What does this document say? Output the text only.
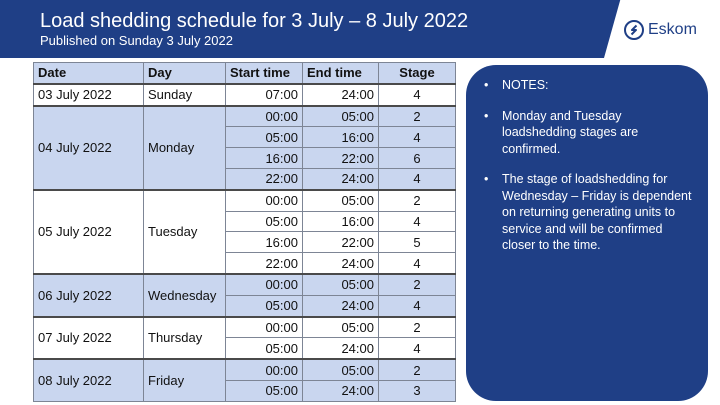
Load shedding schedule for 3 July – 8 July 2022
Published on Sunday 3 July 2022
Eskom
Date	Day	Start time	End time	Stage
03 July 2022	Sunday	07:00	24:00	4
04 July 2022	Monday	00:00	05:00	2
		05:00	16:00	4
		16:00	22:00	6
		22:00	24:00	4
05 July 2022	Tuesday	00:00	05:00	2
		05:00	16:00	4
		16:00	22:00	5
		22:00	24:00	4
06 July 2022	Wednesday	00:00	05:00	2
		05:00	24:00	4
07 July 2022	Thursday	00:00	05:00	2
		05:00	24:00	4
08 July 2022	Friday	00:00	05:00	2
		05:00	24:00	3
• NOTES:
• Monday and Tuesday loadshedding stages are confirmed.
• The stage of loadshedding for Wednesday – Friday is dependent on returning generating units to service and will be confirmed closer to the time.
